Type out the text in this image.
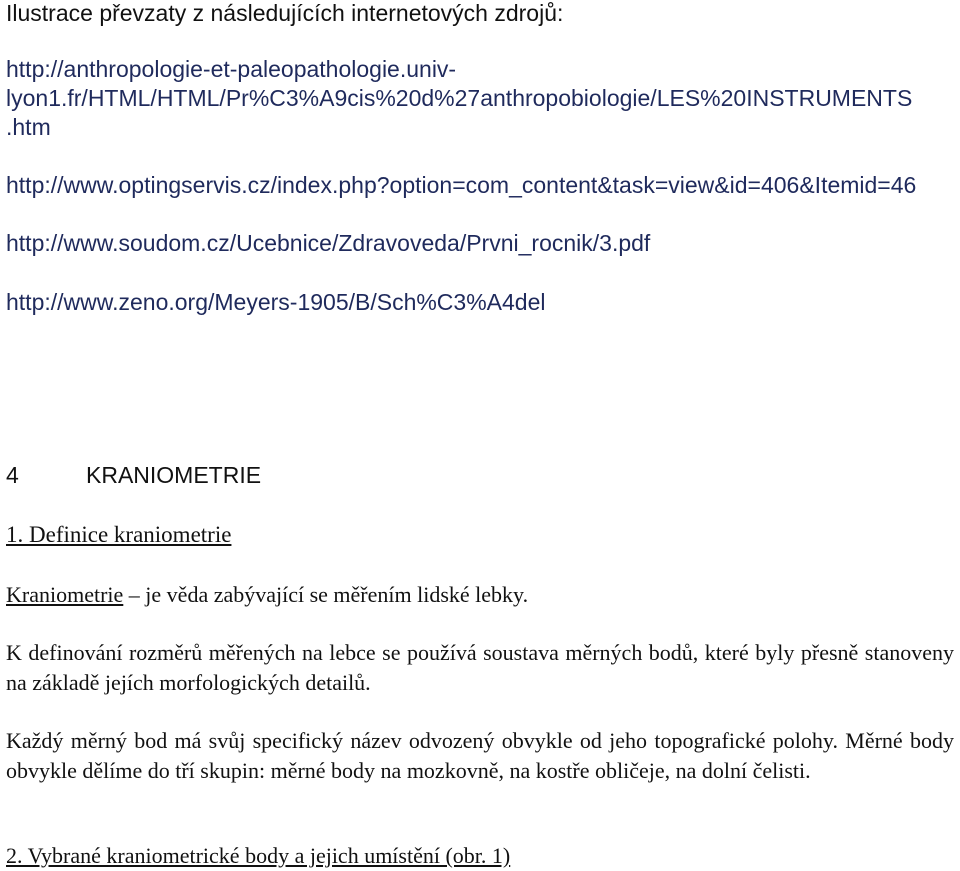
Ilustrace převzaty z následujících internetových zdrojů:
http://anthropologie-et-paleopathologie.univ-
lyon1.fr/HTML/HTML/Pr%C3%A9cis%20d%27anthropobiologie/LES%20INSTRUMENTS
.htm
http://www.optingservis.cz/index.php?option=com_content&task=view&id=406&Itemid=46
http://www.soudom.cz/Ucebnice/Zdravoveda/Prvni_rocnik/3.pdf
http://www.zeno.org/Meyers-1905/B/Sch%C3%A4del
4	KRANIOMETRIE
1. Definice kraniometrie
Kraniometrie – je věda zabývající se měřením lidské lebky.
K definování rozměrů měřených na lebce se používá soustava měrných bodů, které byly přesně stanoveny na základě jejích morfologických detailů.
Každý měrný bod má svůj specifický název odvozený obvykle od jeho topografické polohy. Měrné body obvykle dělíme do tří skupin: měrné body na mozkovně, na kostře obličeje, na dolní čelisti.
2. Vybrané kraniometrické body a jejich umístění (obr. 1)
